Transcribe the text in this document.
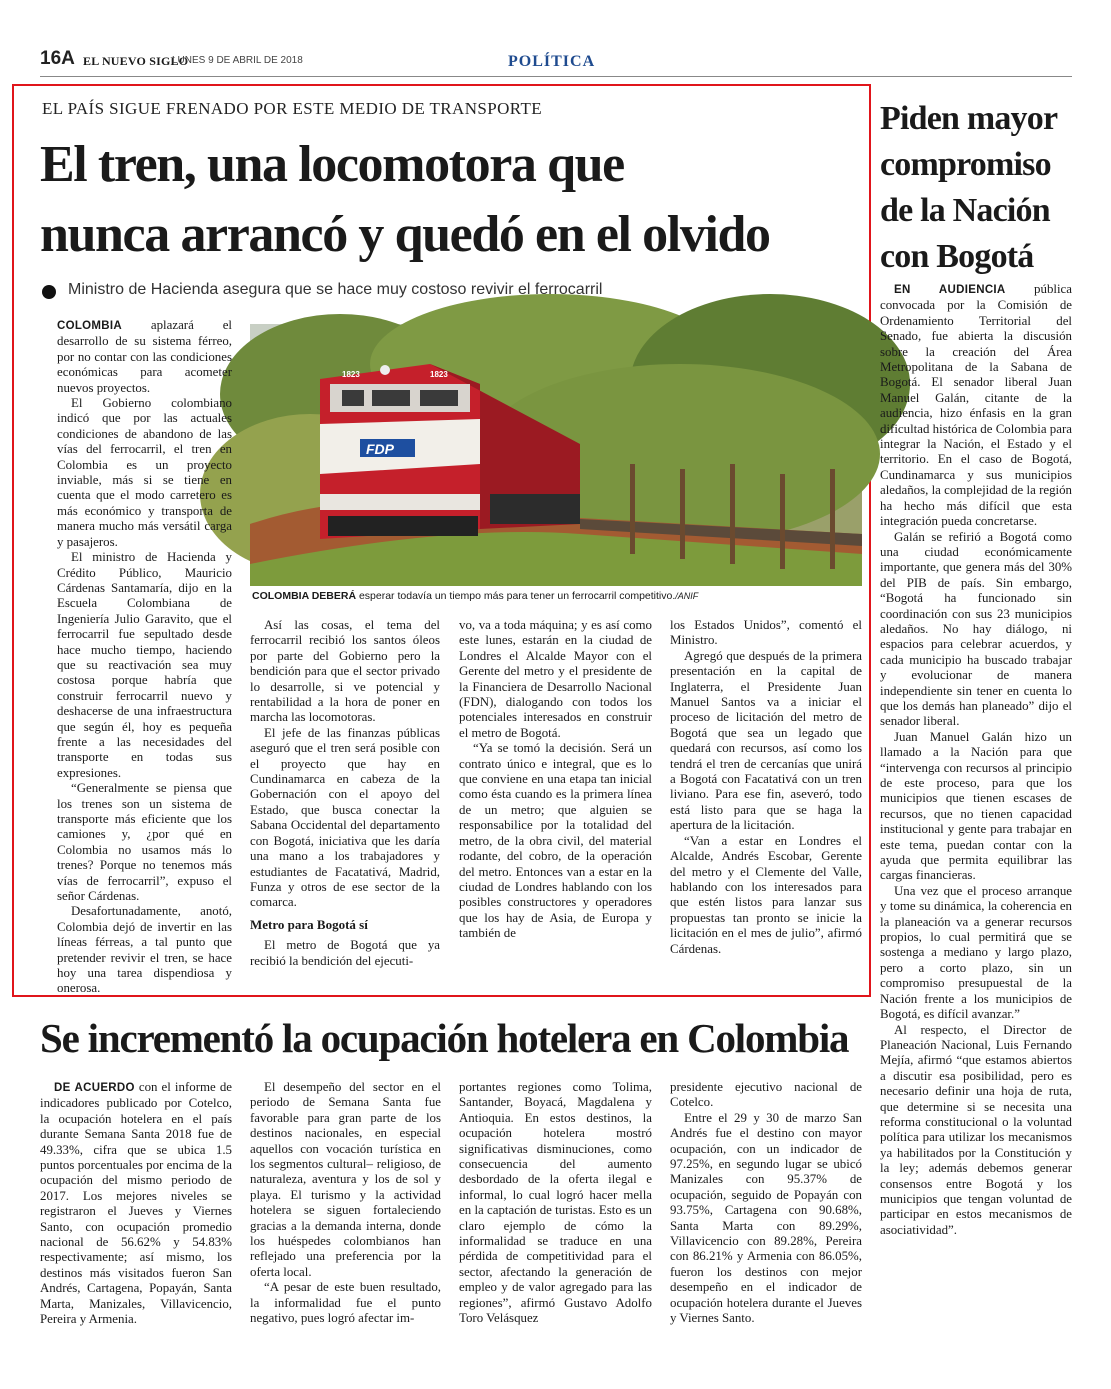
16A EL NUEVO SIGLO
LUNES 9 DE ABRIL DE 2018	POLÍTICA
EL PAÍS SIGUE FRENADO POR ESTE MEDIO DE TRANSPORTE
El tren, una locomotora que
nunca arrancó y quedó en el olvido
Ministro de Hacienda asegura que se hace muy costoso revivir el ferrocarril
FDP
1823	1823
COLOMBIA DEBERÁ esperar todavía un tiempo más para tener un ferrocarril competitivo./ANIF

COLOMBIA aplazará el desarrollo de su sistema férreo, por no contar con las condiciones económicas para acometer nuevos proyectos.

El Gobierno colombiano indicó que por las actuales condiciones de abandono de las vías del ferrocarril, el tren en Colombia es un proyecto inviable, más si se tiene en cuenta que el modo carretero es más económico y transporta de manera mucho más versátil carga y pasajeros.

El ministro de Hacienda y Crédito Público, Mauricio Cárdenas Santamaría, dijo en la Escuela Colombiana de Ingeniería Julio Garavito, que el ferrocarril fue sepultado desde hace mucho tiempo, haciendo que su reactivación sea muy costosa porque habría que construir ferrocarril nuevo y deshacerse de una infraestructura que según él, hoy es pequeña frente a las necesidades del transporte en todas sus expresiones.

“Generalmente se piensa que los trenes son un sistema de transporte más eficiente que los camiones y, ¿por qué en Colombia no usamos más lo trenes? Porque no tenemos más vías de ferrocarril”, expuso el señor Cárdenas.

Desafortunadamente, anotó, Colombia dejó de invertir en las líneas férreas, a tal punto que pretender revivir el tren, se hace hoy una tarea dispendiosa y onerosa.

Así las cosas, el tema del ferrocarril recibió los santos óleos por parte del Gobierno pero la bendición para que el sector privado lo desarrolle, si ve potencial y rentabilidad a la hora de poner en marcha las locomotoras.

El jefe de las finanzas públicas aseguró que el tren será posible con el proyecto que hay en Cundinamarca en cabeza de la Gobernación con el apoyo del Estado, que busca conectar la Sabana Occidental del departamento con Bogotá, iniciativa que les daría una mano a los trabajadores y estudiantes de Facatativá, Madrid, Funza y otros de ese sector de la comarca.

Metro para Bogotá sí

El metro de Bogotá que ya recibió la bendición del ejecuti-

vo, va a toda máquina; y es así como este lunes, estarán en la ciudad de Londres el Alcalde Mayor con el Gerente del metro y el presidente de la Financiera de Desarrollo Nacional (FDN), dialogando con todos los potenciales interesados en construir el metro de Bogotá.

“Ya se tomó la decisión. Será un contrato único e integral, que es lo que conviene en una etapa tan inicial como ésta cuando es la primera línea de un metro; que alguien se responsabilice por la totalidad del metro, de la obra civil, del material rodante, del cobro, de la operación del metro. Entonces van a estar en la ciudad de Londres hablando con los posibles constructores y operadores que los hay de Asia, de Europa y también de

los Estados Unidos”, comentó el Ministro.

Agregó que después de la primera presentación en la capital de Inglaterra, el Presidente Juan Manuel Santos va a iniciar el proceso de licitación del metro de Bogotá que sea un legado que quedará con recursos, así como los tendrá el tren de cercanías que unirá a Bogotá con Facatativá con un tren liviano. Para ese fin, aseveró, todo está listo para que se haga la apertura de la licitación.

“Van a estar en Londres el Alcalde, Andrés Escobar, Gerente del metro y el Clemente del Valle, hablando con los interesados para que estén listos para lanzar sus propuestas tan pronto se inicie la licitación en el mes de julio”, afirmó Cárdenas.

Piden mayor
compromiso
de la Nación
con Bogotá

EN AUDIENCIA pública convocada por la Comisión de Ordenamiento Territorial del Senado, fue abierta la discusión sobre la creación del Área Metropolitana de la Sabana de Bogotá. El senador liberal Juan Manuel Galán, citante de la audiencia, hizo énfasis en la gran dificultad histórica de Colombia para integrar la Nación, el Estado y el territorio. En el caso de Bogotá, Cundinamarca y sus municipios aledaños, la complejidad de la región ha hecho más difícil que esta integración pueda concretarse.

Galán se refirió a Bogotá como una ciudad económicamente importante, que genera más del 30% del PIB de país. Sin embargo, “Bogotá ha funcionado sin coordinación con sus 23 municipios aledaños. No hay diálogo, ni espacios para celebrar acuerdos, y cada municipio ha buscado trabajar y evolucionar de manera independiente sin tener en cuenta lo que los demás han planeado” dijo el senador liberal.

Juan Manuel Galán hizo un llamado a la Nación para que “intervenga con recursos al principio de este proceso, para que los municipios que tienen escases de recursos, que no tienen capacidad institucional y gente para trabajar en este tema, puedan contar con la ayuda que permita equilibrar las cargas financieras.

Una vez que el proceso arranque y tome su dinámica, la coherencia en la planeación va a generar recursos propios, lo cual permitirá que se sostenga a mediano y largo plazo, pero a corto plazo, sin un compromiso presupuestal de la Nación frente a los municipios de Bogotá, es difícil avanzar.”

Al respecto, el Director de Planeación Nacional, Luis Fernando Mejía, afirmó “que estamos abiertos a discutir esa posibilidad, pero es necesario definir una hoja de ruta, que determine si se necesita una reforma constitucional o la voluntad política para utilizar los mecanismos ya habilitados por la Constitución y la ley; además debemos generar consensos entre Bogotá y los municipios que tengan voluntad de participar en estos mecanismos de asociatividad”.

Se incrementó la ocupación hotelera en Colombia

DE ACUERDO con el informe de indicadores publicado por Cotelco, la ocupación hotelera en el país durante Semana Santa 2018 fue de 49.33%, cifra que se ubica 1.5 puntos porcentuales por encima de la ocupación del mismo periodo de 2017. Los mejores niveles se registraron el Jueves y Viernes Santo, con ocupación promedio nacional de 56.62% y 54.83% respectivamente; así mismo, los destinos más visitados fueron San Andrés, Cartagena, Popayán, Santa Marta, Manizales, Villavicencio, Pereira y Armenia.

El desempeño del sector en el periodo de Semana Santa fue favorable para gran parte de los destinos nacionales, en especial aquellos con vocación turística en los segmentos cultural– religioso, de naturaleza, aventura y los de sol y playa. El turismo y la actividad hotelera se siguen fortaleciendo gracias a la demanda interna, donde los huéspedes colombianos han reflejado una preferencia por la oferta local.

“A pesar de este buen resultado, la informalidad fue el punto negativo, pues logró afectar im-

portantes regiones como Tolima, Santander, Boyacá, Magdalena y Antioquia. En estos destinos, la ocupación hotelera mostró significativas disminuciones, como consecuencia del aumento desbordado de la oferta ilegal e informal, lo cual logró hacer mella en la captación de turistas. Esto es un claro ejemplo de cómo la informalidad se traduce en una pérdida de competitividad para el sector, afectando la generación de empleo y de valor agregado para las regiones”, afirmó Gustavo Adolfo Toro Velásquez

presidente ejecutivo nacional de Cotelco.

Entre el 29 y 30 de marzo San Andrés fue el destino con mayor ocupación, con un indicador de 97.25%, en segundo lugar se ubicó Manizales con 95.37% de ocupación, seguido de Popayán con 93.75%, Cartagena con 90.68%, Santa Marta con 89.29%, Villavicencio con 89.28%, Pereira con 86.21% y Armenia con 86.05%, fueron los destinos con mejor desempeño en el indicador de ocupación hotelera durante el Jueves y Viernes Santo.
